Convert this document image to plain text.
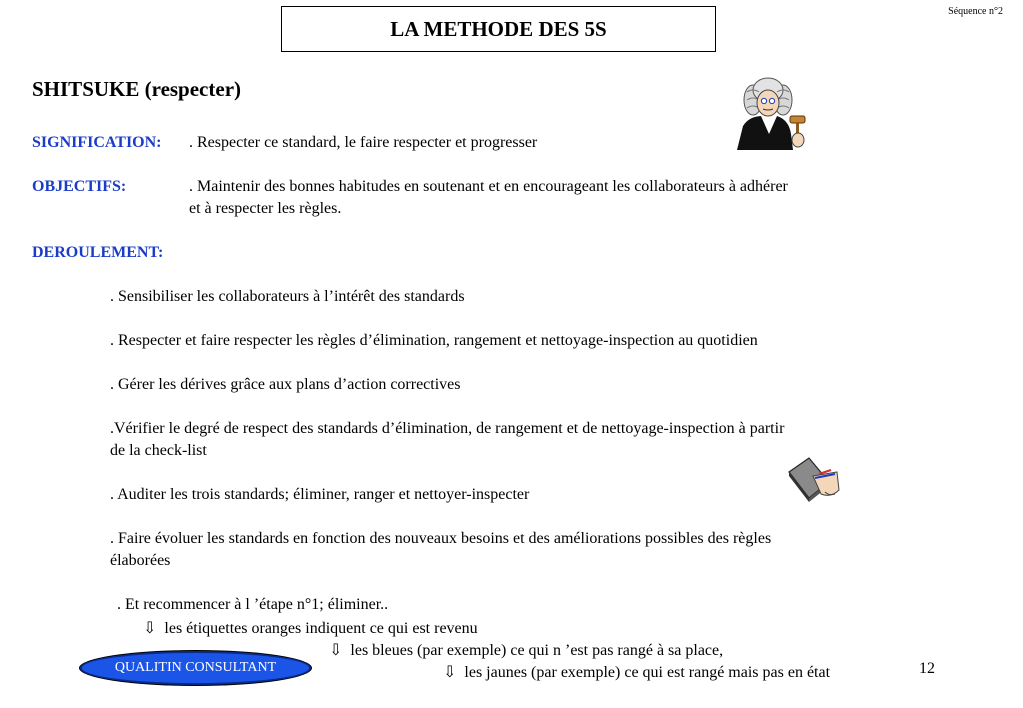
LA METHODE DES 5S
Séquence n°2
SHITSUKE (respecter)
SIGNIFICATION: . Respecter ce standard, le faire respecter et progresser
OBJECTIFS:	. Maintenir des bonnes habitudes en soutenant et en encourageant les collaborateurs à adhérer
et à respecter les règles.
DEROULEMENT:
. Sensibiliser les collaborateurs à l’intérêt des standards
. Respecter et faire respecter les règles d’élimination, rangement et nettoyage-inspection au quotidien
. Gérer les dérives grâce aux plans d’action correctives
.Vérifier le degré de respect des standards d’élimination, de rangement et de nettoyage-inspection à partir
de la check-list
. Auditer les trois standards; éliminer, ranger et nettoyer-inspecter
. Faire évoluer les standards en fonction des nouveaux besoins et des améliorations possibles des règles
élaborées
. Et recommencer à l ’étape n°1; éliminer..
⇩ les étiquettes oranges indiquent ce qui est revenu
⇩ les bleues (par exemple) ce qui n ’est pas rangé à sa place,
⇩ les jaunes (par exemple) ce qui est rangé mais pas en état
QUALITIN CONSULTANT	12
